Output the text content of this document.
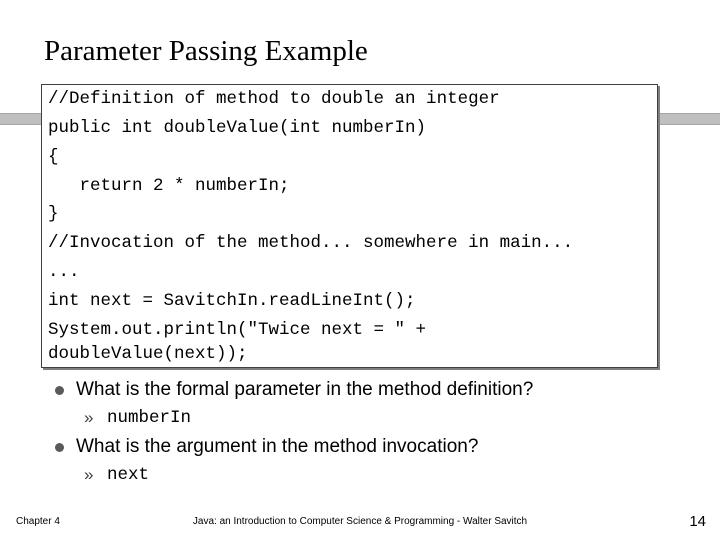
Parameter Passing Example
//Definition of method to double an integer
public int doubleValue(int numberIn)
{
return 2 * numberIn;
}
//Invocation of the method... somewhere in main...
...
int next = SavitchIn.readLineInt();
System.out.println("Twice next = " +
doubleValue(next));
What is the formal parameter in the method definition?
» numberIn
What is the argument in the method invocation?
» next
Chapter 4	Java: an Introduction to Computer Science & Programming - Walter Savitch	14
